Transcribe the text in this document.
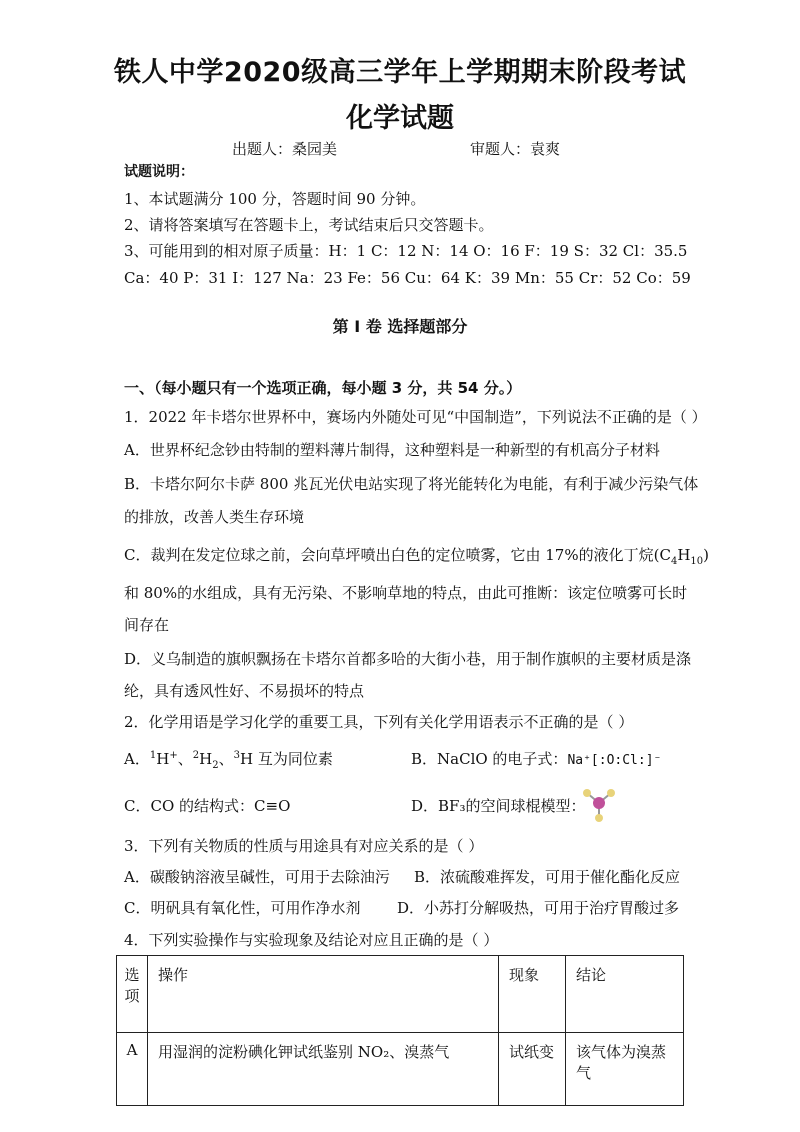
铁人中学2020级高三学年上学期期末阶段考试
化学试题
出题人：桑园美	审题人：袁爽
试题说明：
1、本试题满分 100 分，答题时间 90 分钟。
2、请将答案填写在答题卡上，考试结束后只交答题卡。
3、可能用到的相对原子质量：H：1 C：12 N：14 O：16 F：19 S：32 Cl：35.5
Ca：40 P：31 I：127 Na：23 Fe：56 Cu：64 K：39 Mn：55 Cr：52 Co：59
第 I 卷 选择题部分
一、（每小题只有一个选项正确，每小题 3 分，共 54 分。）
1．2022 年卡塔尔世界杯中，赛场内外随处可见“中国制造”，下列说法不正确的是（ ）
A．世界杯纪念钞由特制的塑料薄片制得，这种塑料是一种新型的有机高分子材料
B．卡塔尔阿尔卡萨 800 兆瓦光伏电站实现了将光能转化为电能，有利于减少污染气体
的排放，改善人类生存环境
C．裁判在发定位球之前，会向草坪喷出白色的定位喷雾，它由 17%的液化丁烷$(C_4H_{10})$
和 80%的水组成，具有无污染、不影响草地的特点，由此可推断：该定位喷雾可长时
间存在
D．义乌制造的旗帜飘扬在卡塔尔首都多哈的大街小巷，用于制作旗帜的主要材质是涤
纶，具有透风性好、不易损坏的特点
2．化学用语是学习化学的重要工具，下列有关化学用语表示不正确的是（ ）
A．$^1$H+、$^2H_2$、$^3$H 互为同位素	B．NaClO 的电子式：Na⁺[:O:Cl:]⁻
C．CO 的结构式：C≡O	D．BF₃的空间球棍模型：
3．下列有关物质的性质与用途具有对应关系的是（ ）
A．碳酸钠溶液呈碱性，可用于去除油污 B．浓硫酸难挥发，可用于催化酯化反应
C．明矾具有氧化性，可用作净水剂 D．小苏打分解吸热，可用于治疗胃酸过多
4．下列实验操作与实验现象及结论对应且正确的是（ ）
选项	操作	现象	结论
A	用湿润的淀粉碘化钾试纸鉴别 NO₂、溴蒸气	试纸变	该气体为溴蒸气
